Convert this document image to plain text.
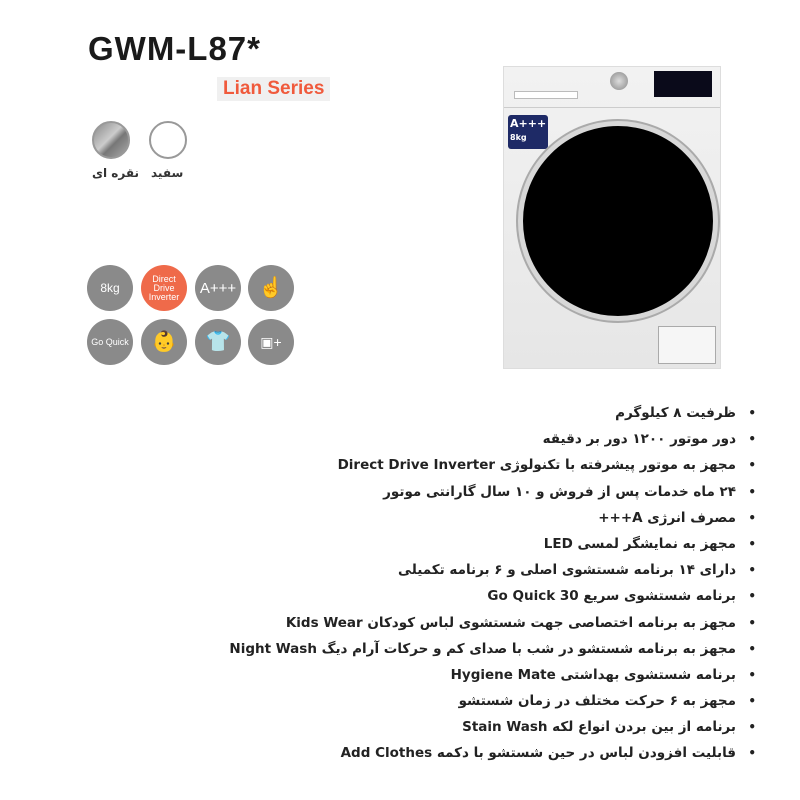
GWM-L87*
Lian Series
نقره ای سفید
8kg
Direct Drive Inverter	A+++	☝
Go Quick	👶	👕	▣+
A+++
8kg
•
ظرفیت ۸ کیلوگرم
•
دور موتور ۱۲۰۰ دور بر دقیقه
•
مجهز به موتور پیشرفته با تکنولوژی Direct Drive Inverter
•
۲۴ ماه خدمات پس از فروش و ۱۰ سال گارانتی موتور
•
مصرف انرژی A+++
•
مجهز به نمایشگر لمسی LED
•
دارای ۱۴ برنامه شستشوی اصلی و ۶ برنامه تکمیلی
•
برنامه شستشوی سریع Go Quick 30
•
مجهز به برنامه اختصاصی جهت شستشوی لباس کودکان Kids Wear
•
مجهز به برنامه شستشو در شب با صدای کم و حرکات آرام دیگ Night Wash
•
برنامه شستشوی بهداشتی Hygiene Mate
•
مجهز به ۶ حرکت مختلف در زمان شستشو
•
برنامه از بین بردن انواع لکه Stain Wash
•
قابلیت افزودن لباس در حین شستشو با دکمه Add Clothes
